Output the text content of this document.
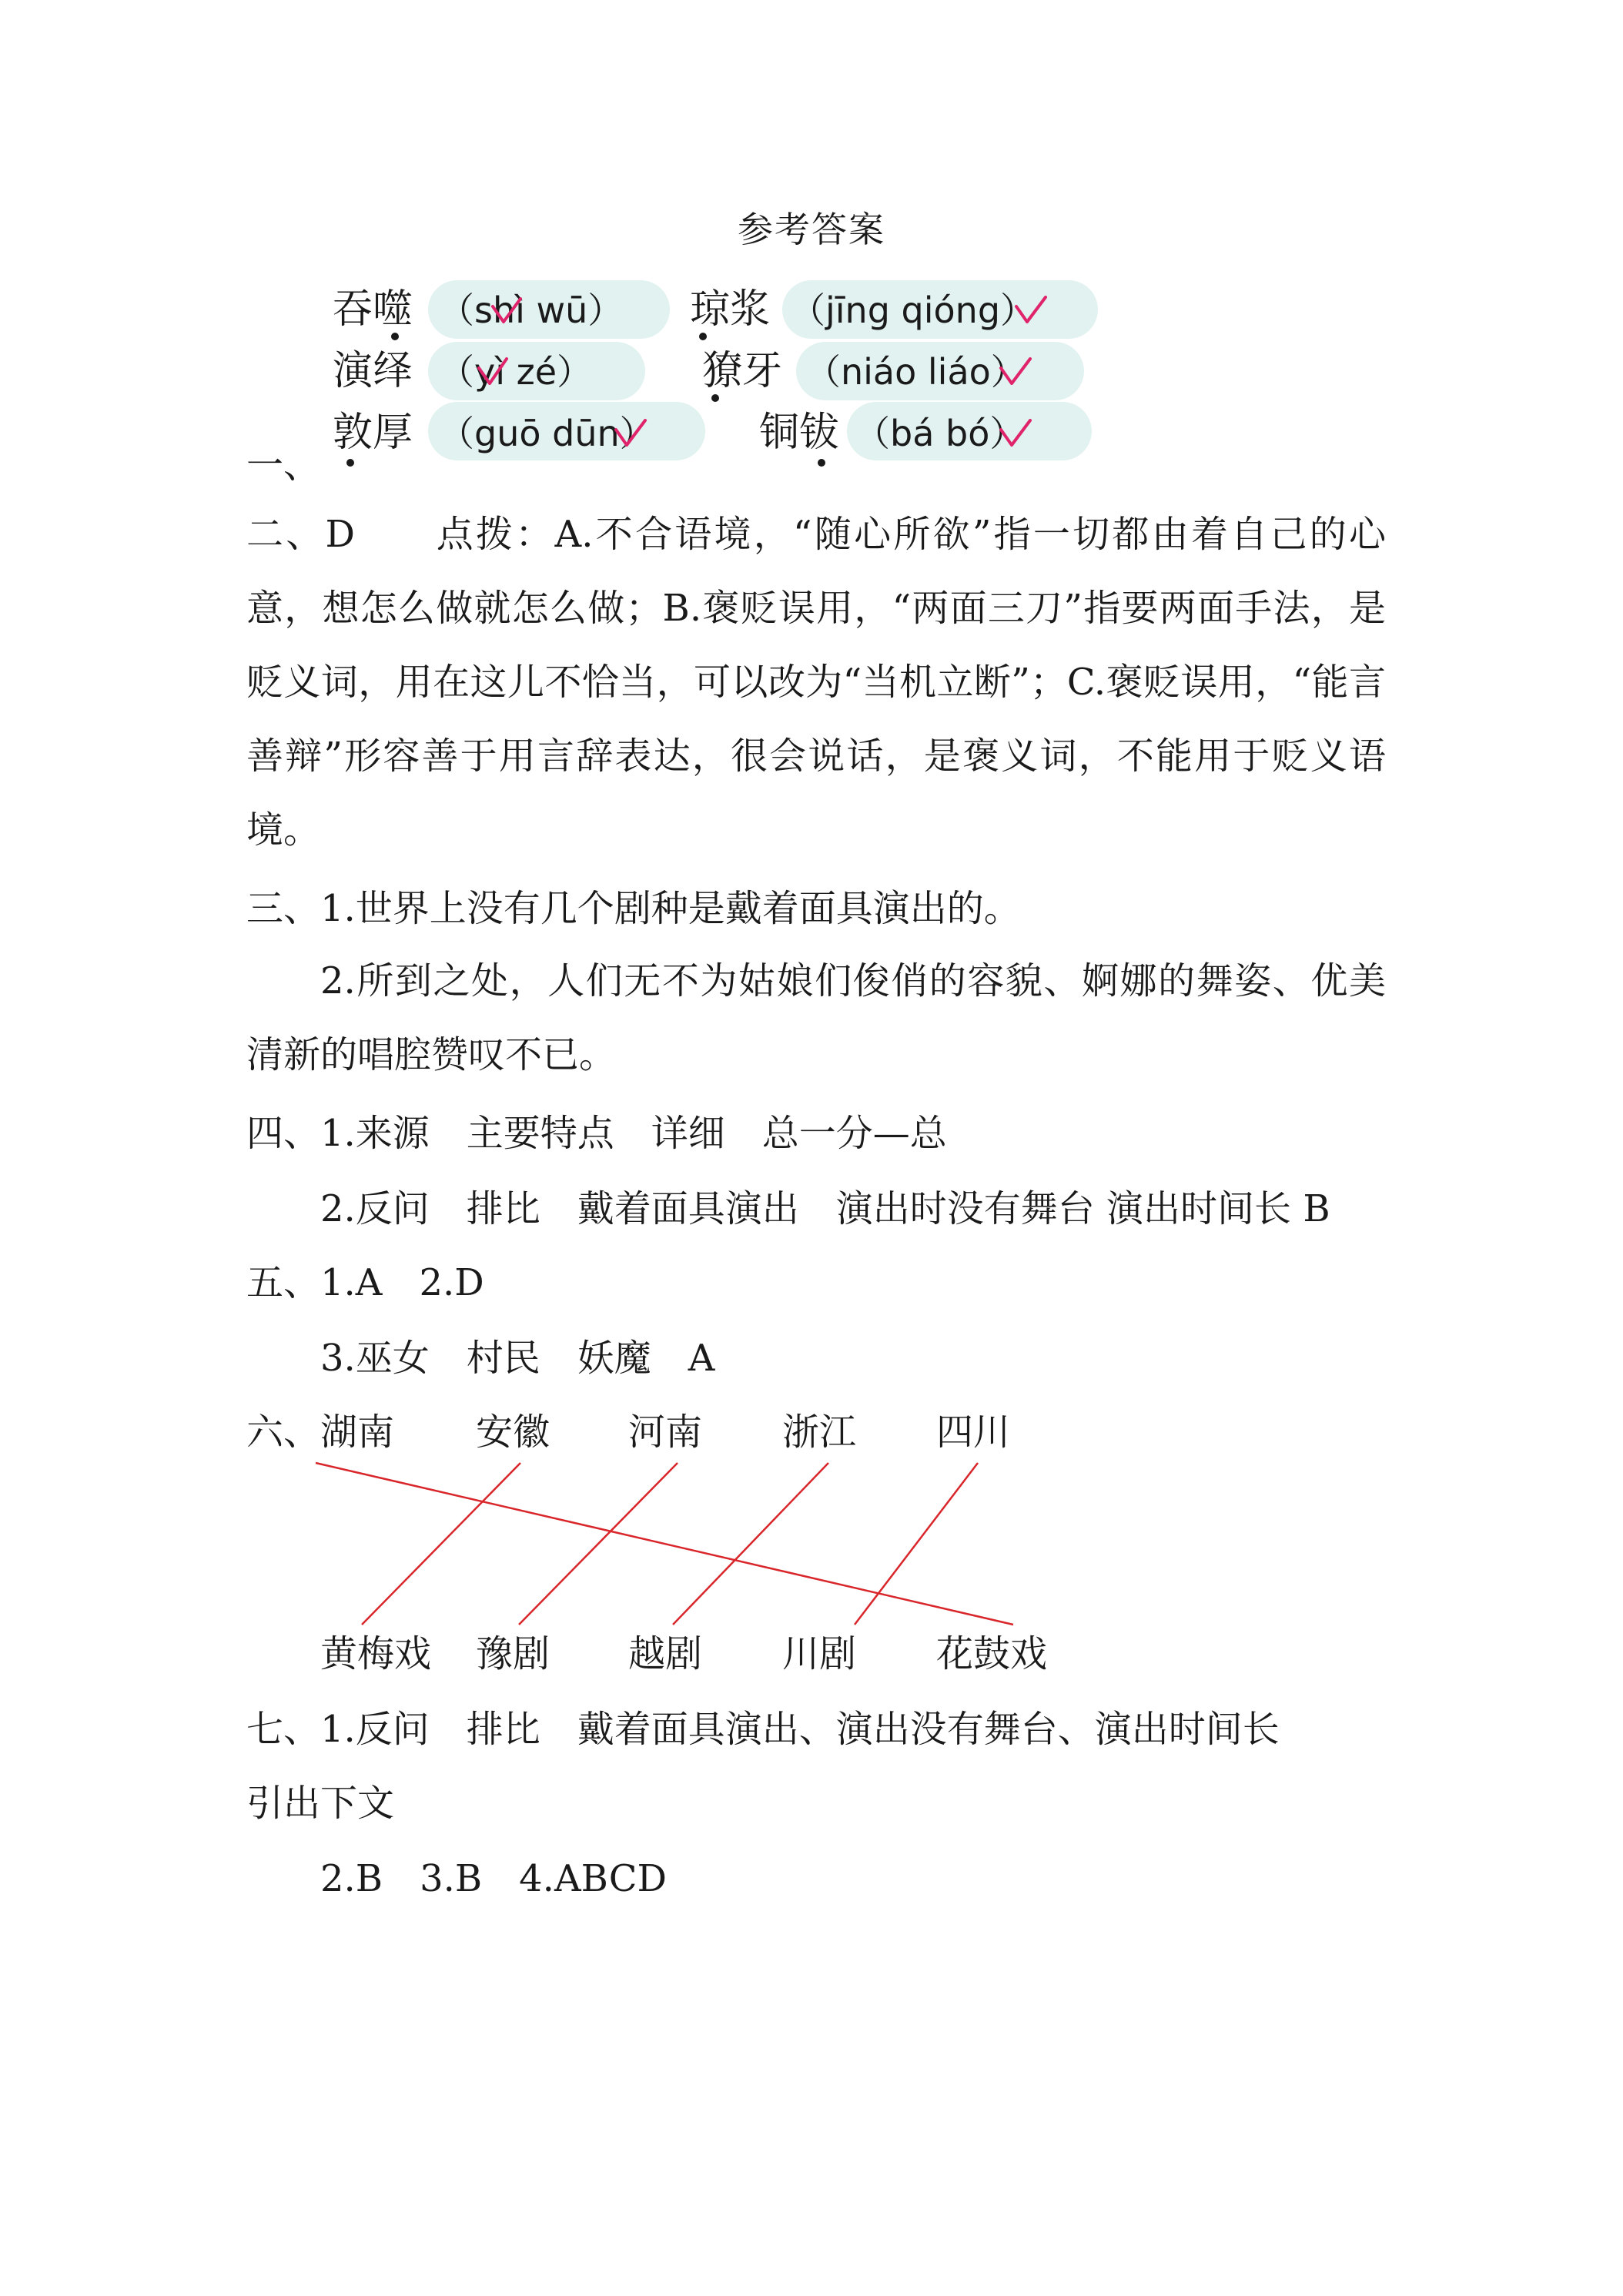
参考答案
吞噬 （shì wū） 琼浆 （jīng qióng）
演绎 （yì zé）	獠牙 （niáo liáo）
敦厚 （guō dūn）	铜钹 （bá bó）
一、
二、D　　点拨：A.不合语境，“随心所欲”指一切都由着自己的心意，想怎么做就怎么做；B.褒贬误用，“两面三刀”指要两面手法，是贬义词，用在这儿不恰当，可以改为“当机立断”；C.褒贬误用，“能言善辩”形容善于用言辞表达，很会说话，是褒义词，不能用于贬义语境。
三、1.世界上没有几个剧种是戴着面具演出的。
2.所到之处，人们无不为姑娘们俊俏的容貌、婀娜的舞姿、优美清新的唱腔赞叹不已。
四、1.来源　主要特点　详细　总一分—总
2.反问　排比　戴着面具演出　演出时没有舞台 演出时间长 B
五、1.A　2.D
3.巫女　村民　妖魔　A
六、 湖南 安徽 河南 浙江 四川
黄梅戏 豫剧 越剧 川剧 花鼓戏
七、1.反问　排比　戴着面具演出、演出没有舞台、演出时间长
引出下文
2.B　3.B　4.ABCD
